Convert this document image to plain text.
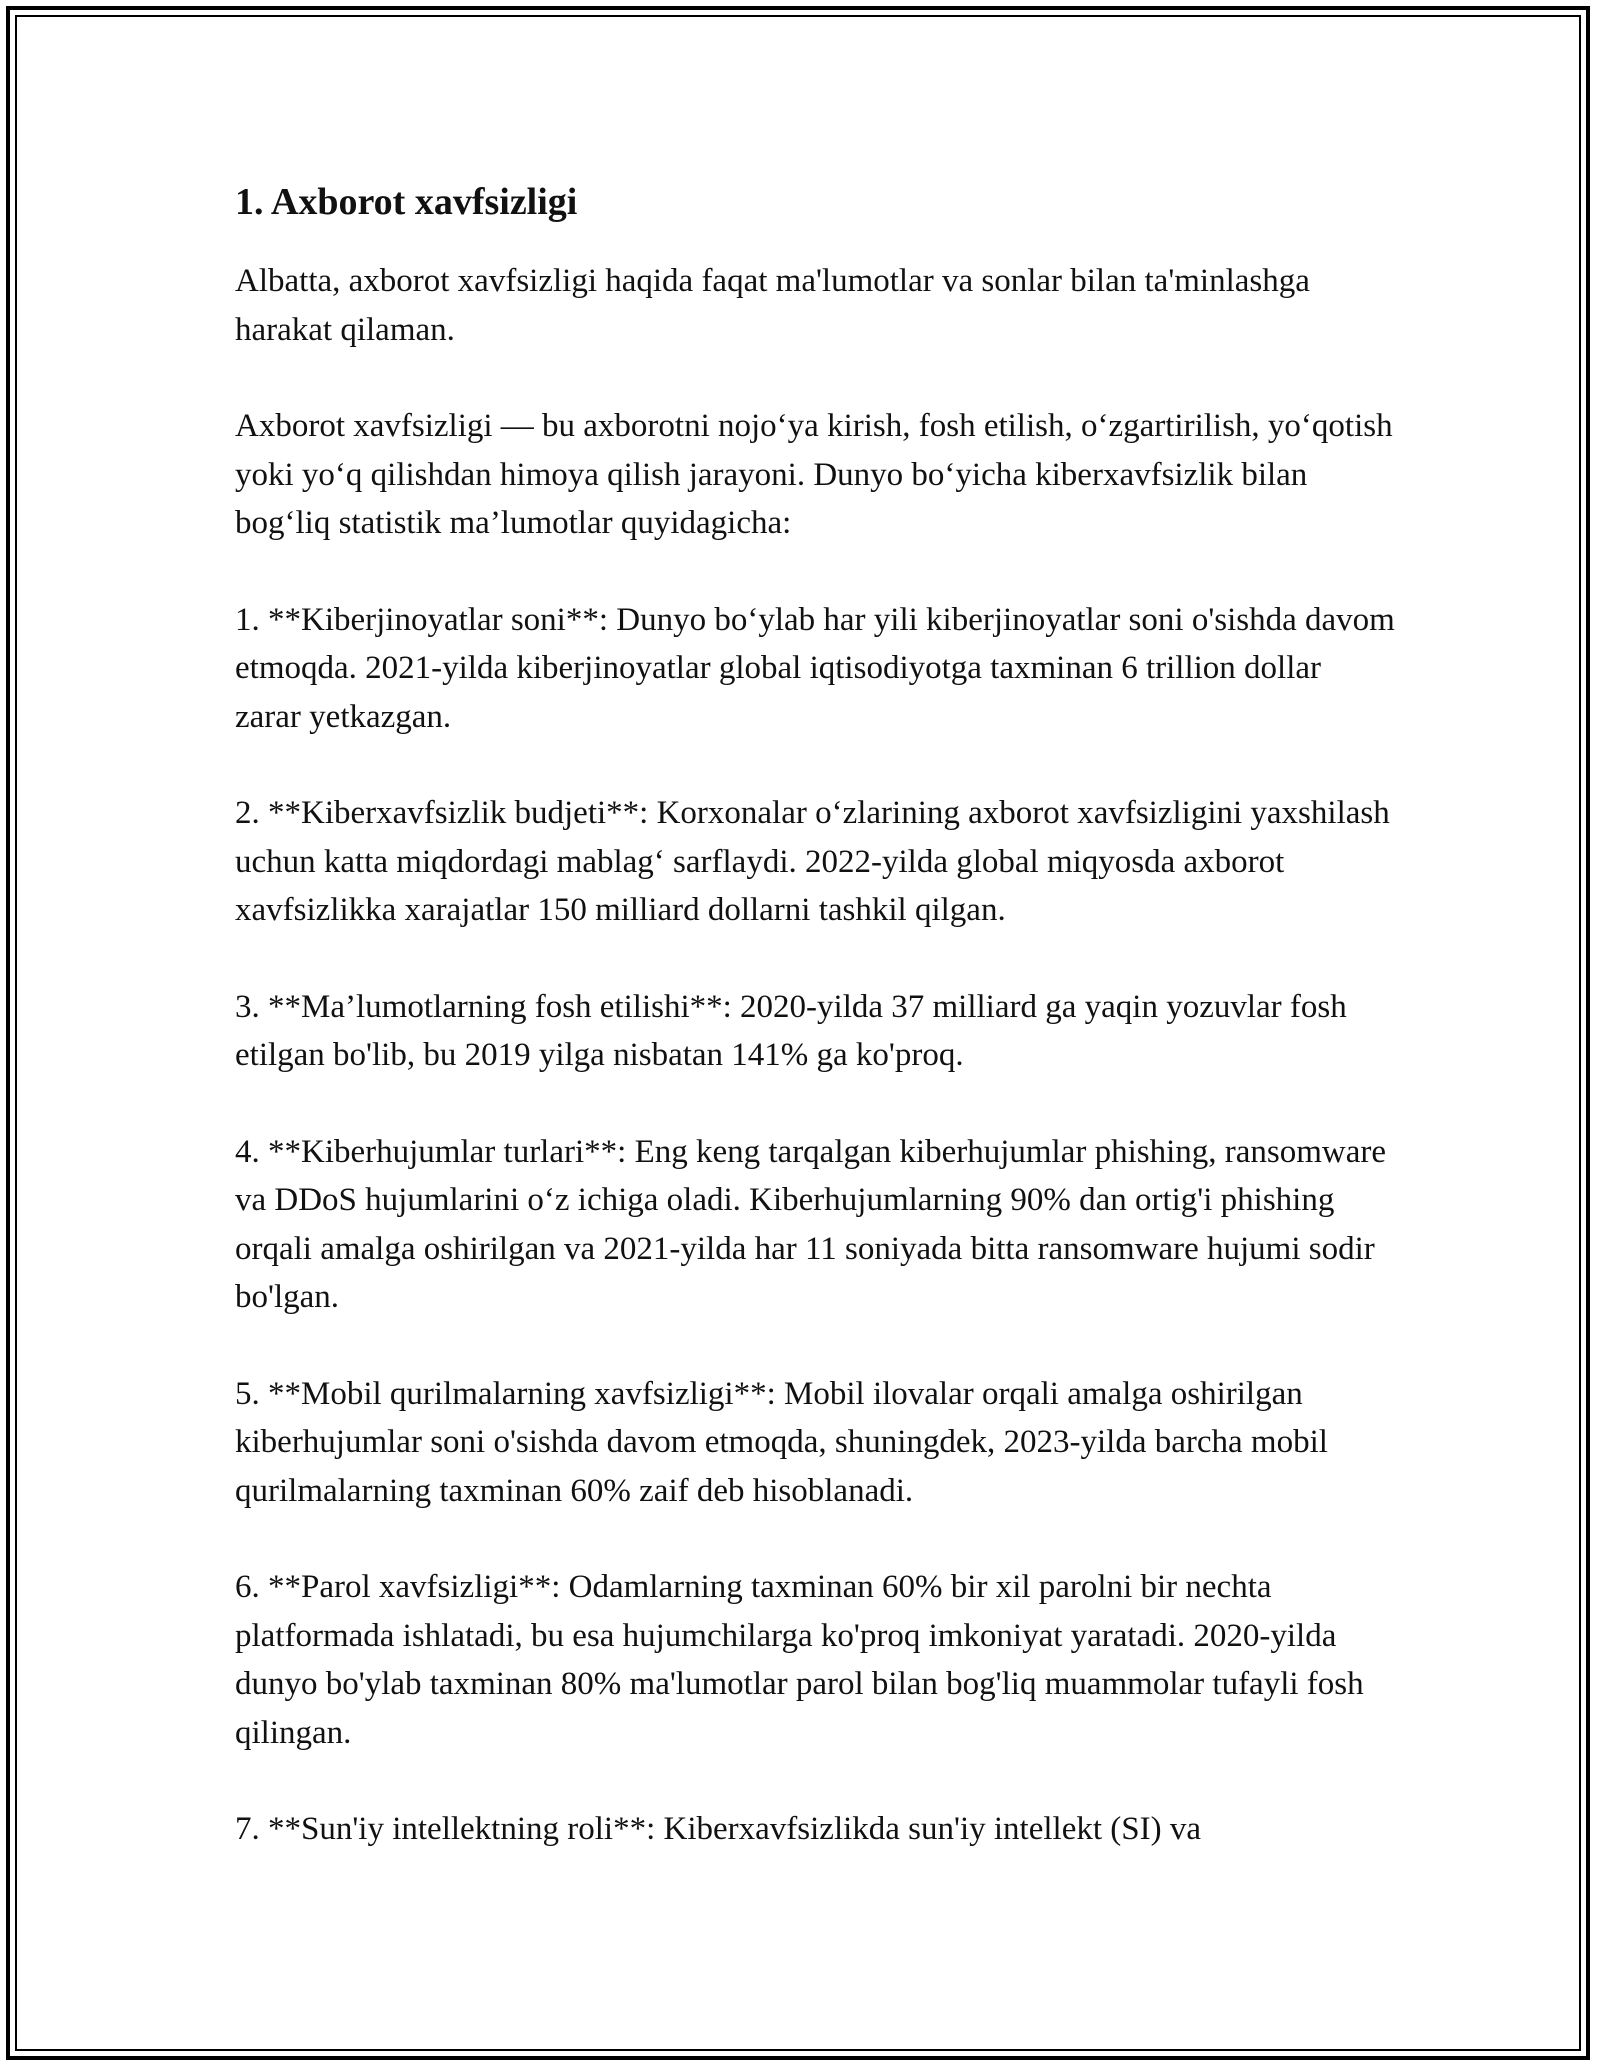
1. Axborot xavfsizligi

Albatta, axborot xavfsizligi haqida faqat ma'lumotlar va sonlar bilan ta'minlashga harakat qilaman.

Axborot xavfsizligi — bu axborotni nojo‘ya kirish, fosh etilish, o‘zgartirilish, yo‘qotish yoki yo‘q qilishdan himoya qilish jarayoni. Dunyo bo‘yicha kiberxavfsizlik bilan bog‘liq statistik ma’lumotlar quyidagicha:

1. **Kiberjinoyatlar soni**: Dunyo bo‘ylab har yili kiberjinoyatlar soni o'sishda davom etmoqda. 2021-yilda kiberjinoyatlar global iqtisodiyotga taxminan 6 trillion dollar zarar yetkazgan.

2. **Kiberxavfsizlik budjeti**: Korxonalar o‘zlarining axborot xavfsizligini yaxshilash uchun katta miqdordagi mablag‘ sarflaydi. 2022-yilda global miqyosda axborot xavfsizlikka xarajatlar 150 milliard dollarni tashkil qilgan.

3. **Ma’lumotlarning fosh etilishi**: 2020-yilda 37 milliard ga yaqin yozuvlar fosh etilgan bo'lib, bu 2019 yilga nisbatan 141% ga ko'proq.

4. **Kiberhujumlar turlari**: Eng keng tarqalgan kiberhujumlar phishing, ransomware va DDoS hujumlarini o‘z ichiga oladi. Kiberhujumlarning 90% dan ortig'i phishing orqali amalga oshirilgan va 2021-yilda har 11 soniyada bitta ransomware hujumi sodir bo'lgan.

5. **Mobil qurilmalarning xavfsizligi**: Mobil ilovalar orqali amalga oshirilgan kiberhujumlar soni o'sishda davom etmoqda, shuningdek, 2023-yilda barcha mobil qurilmalarning taxminan 60% zaif deb hisoblanadi.

6. **Parol xavfsizligi**: Odamlarning taxminan 60% bir xil parolni bir nechta platformada ishlatadi, bu esa hujumchilarga ko'proq imkoniyat yaratadi. 2020-yilda dunyo bo'ylab taxminan 80% ma'lumotlar parol bilan bog'liq muammolar tufayli fosh qilingan.

7. **Sun'iy intellektning roli**: Kiberxavfsizlikda sun'iy intellekt (SI) va
